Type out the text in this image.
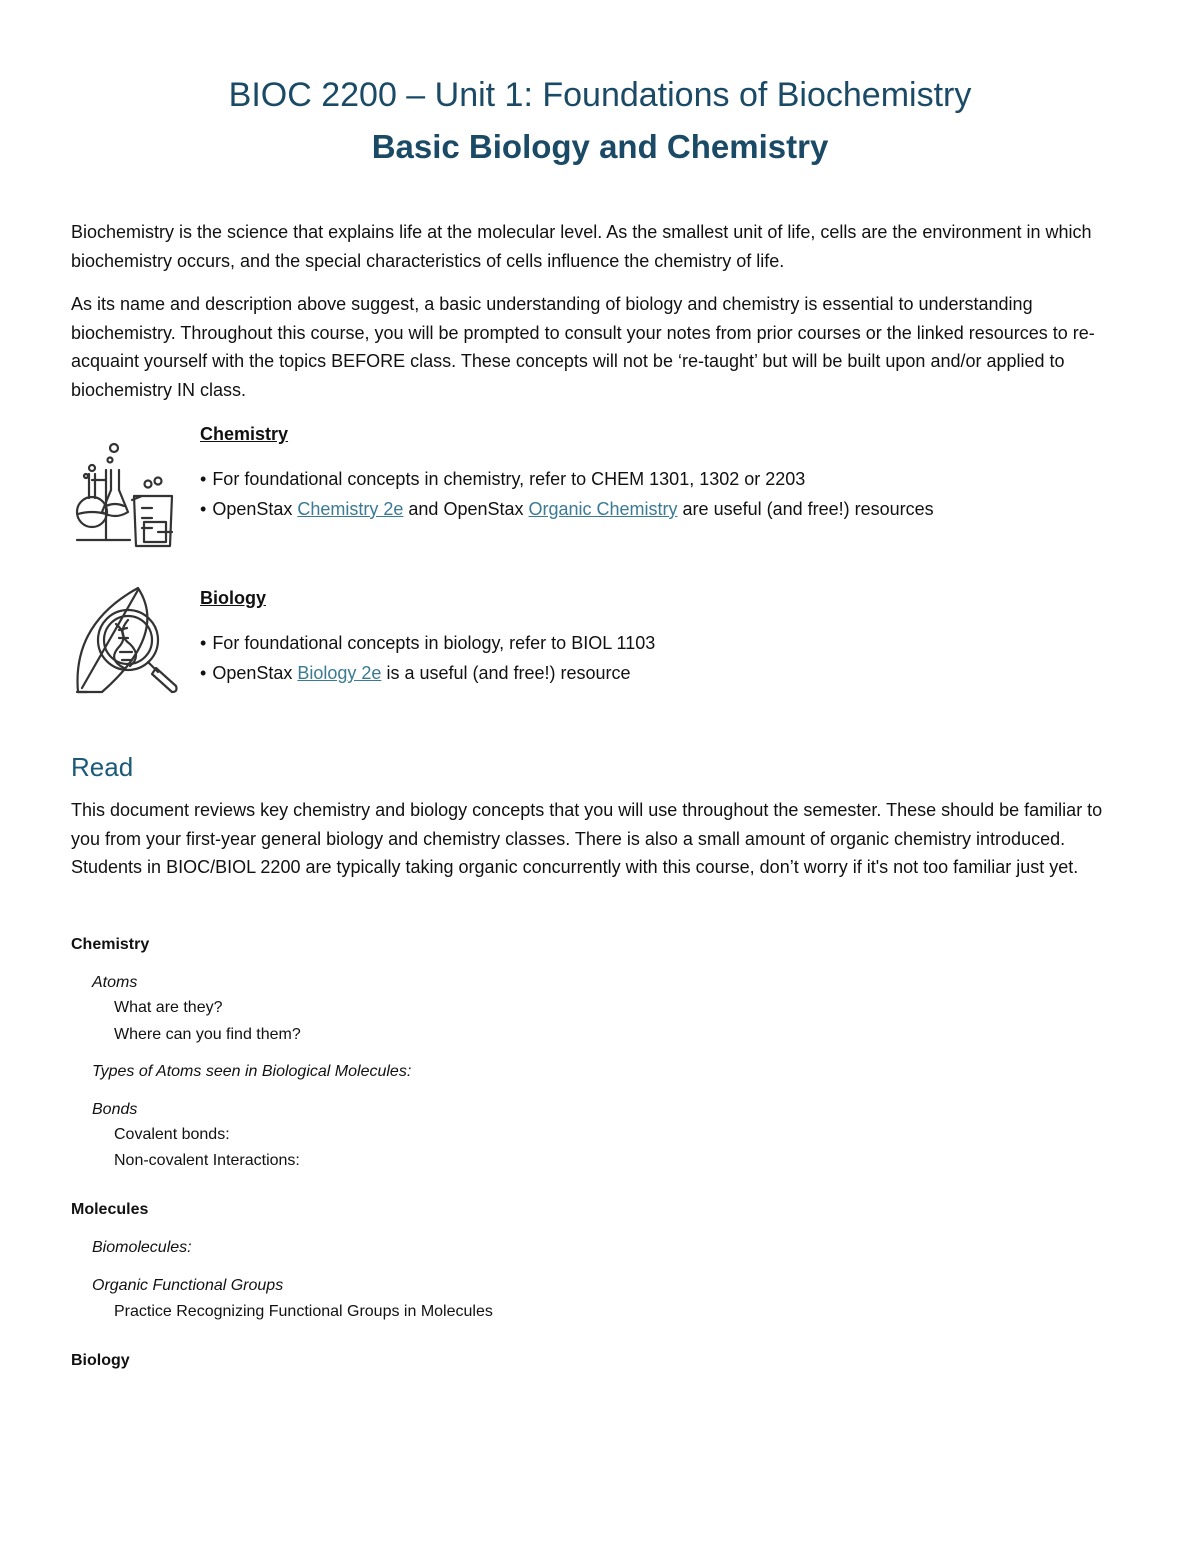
BIOC 2200 – Unit 1: Foundations of Biochemistry
Basic Biology and Chemistry

Biochemistry is the science that explains life at the molecular level. As the smallest unit of life, cells are the environment in which biochemistry occurs, and the special characteristics of cells influence the chemistry of life.

As its name and description above suggest, a basic understanding of biology and chemistry is essential to understanding biochemistry. Throughout this course, you will be prompted to consult your notes from prior courses or the linked resources to re-acquaint yourself with the topics BEFORE class. These concepts will not be ‘re-taught’ but will be built upon and/or applied to biochemistry IN class.

Chemistry

• For foundational concepts in chemistry, refer to CHEM 1301, 1302 or 2203

• OpenStax Chemistry 2e and OpenStax Organic Chemistry are useful (and free!) resources

Biology

• For foundational concepts in biology, refer to BIOL 1103

• OpenStax Biology 2e is a useful (and free!) resource

Read

This document reviews key chemistry and biology concepts that you will use throughout the semester. These should be familiar to you from your first-year general biology and chemistry classes. There is also a small amount of organic chemistry introduced. Students in BIOC/BIOL 2200 are typically taking organic concurrently with this course, don’t worry if it's not too familiar just yet.

Chemistry

Atoms

What are they?

Where can you find them?

Types of Atoms seen in Biological Molecules:

Bonds

Covalent bonds:

Non-covalent Interactions:

Molecules

Biomolecules:

Organic Functional Groups

Practice Recognizing Functional Groups in Molecules

Biology
